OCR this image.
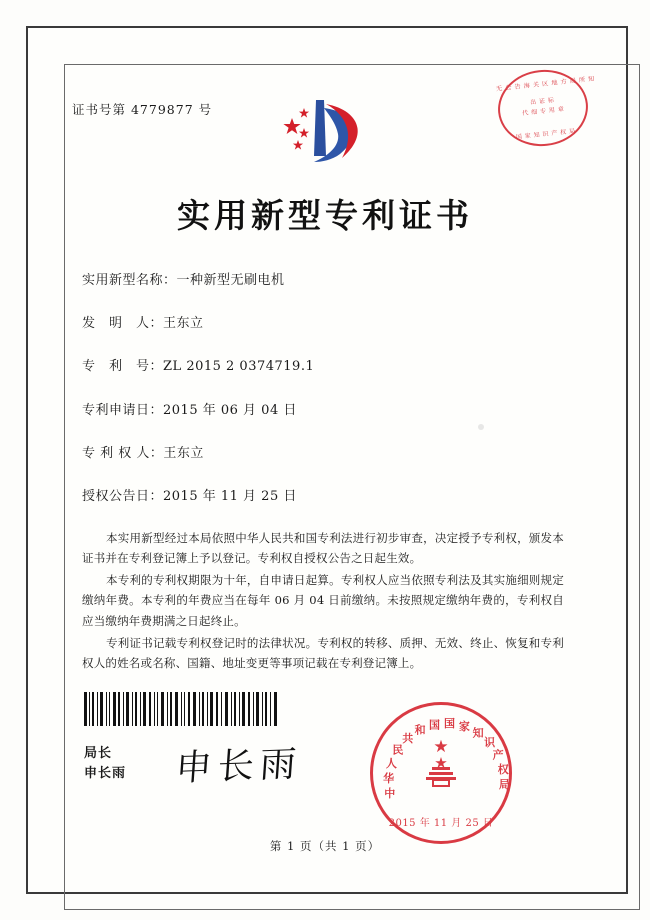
证书号第 4779877 号
无 公 告 海 关 区 地 方 局 所 知
出 证 标
代 细 专 用 章
国 家 知 识 产 权 局
实用新型专利证书
实用新型名称：一种新型无刷电机
发　明　人：王东立
专　利　号：ZL 2015 2 0374719.1
专利申请日：2015 年 06 月 04 日
专 利 权 人：王东立
授权公告日：2015 年 11 月 25 日

本实用新型经过本局依照中华人民共和国专利法进行初步审查，决定授予专利权，颁发本证书并在专利登记簿上予以登记。专利权自授权公告之日起生效。

本专利的专利权期限为十年，自申请日起算。专利权人应当依照专利法及其实施细则规定缴纳年费。本专利的年费应当在每年 06 月 04 日前缴纳。未按照规定缴纳年费的，专利权自应当缴纳年费期满之日起终止。

专利证书记载专利权登记时的法律状况。专利权的转移、质押、无效、终止、恢复和专利权人的姓名或名称、国籍、地址变更等事项记载在专利登记簿上。

局长
申长雨 申长雨
中
华
人
民
共
和 国 国 家
知
识
产
权
局
★
2015 年 11 月 25 日
第 1 页（共 1 页）
